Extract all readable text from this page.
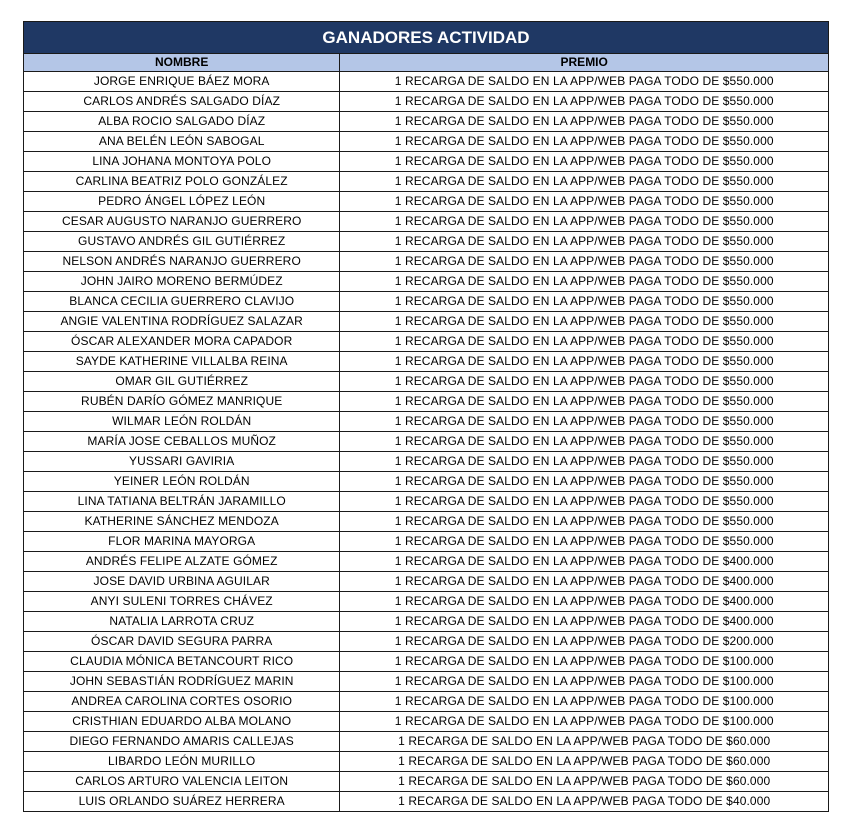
GANADORES ACTIVIDAD	
NOMBRE	PREMIO
JORGE ENRIQUE BÁEZ MORA	1 RECARGA DE SALDO EN LA APP/WEB PAGA TODO DE $550.000
CARLOS ANDRÉS SALGADO DÍAZ	1 RECARGA DE SALDO EN LA APP/WEB PAGA TODO DE $550.000
ALBA ROCIO SALGADO DÍAZ	1 RECARGA DE SALDO EN LA APP/WEB PAGA TODO DE $550.000
ANA BELÉN LEÓN SABOGAL	1 RECARGA DE SALDO EN LA APP/WEB PAGA TODO DE $550.000
LINA JOHANA MONTOYA POLO	1 RECARGA DE SALDO EN LA APP/WEB PAGA TODO DE $550.000
CARLINA BEATRIZ POLO GONZÁLEZ	1 RECARGA DE SALDO EN LA APP/WEB PAGA TODO DE $550.000
PEDRO ÁNGEL LÓPEZ LEÓN	1 RECARGA DE SALDO EN LA APP/WEB PAGA TODO DE $550.000
CESAR AUGUSTO NARANJO GUERRERO	1 RECARGA DE SALDO EN LA APP/WEB PAGA TODO DE $550.000
GUSTAVO ANDRÉS GIL GUTIÉRREZ	1 RECARGA DE SALDO EN LA APP/WEB PAGA TODO DE $550.000
NELSON ANDRÉS NARANJO GUERRERO	1 RECARGA DE SALDO EN LA APP/WEB PAGA TODO DE $550.000
JOHN JAIRO MORENO BERMÚDEZ	1 RECARGA DE SALDO EN LA APP/WEB PAGA TODO DE $550.000
BLANCA CECILIA GUERRERO CLAVIJO	1 RECARGA DE SALDO EN LA APP/WEB PAGA TODO DE $550.000
ANGIE VALENTINA RODRÍGUEZ SALAZAR	1 RECARGA DE SALDO EN LA APP/WEB PAGA TODO DE $550.000
ÓSCAR ALEXANDER MORA CAPADOR	1 RECARGA DE SALDO EN LA APP/WEB PAGA TODO DE $550.000
SAYDE KATHERINE VILLALBA REINA	1 RECARGA DE SALDO EN LA APP/WEB PAGA TODO DE $550.000
OMAR GIL GUTIÉRREZ	1 RECARGA DE SALDO EN LA APP/WEB PAGA TODO DE $550.000
RUBÉN DARÍO GÓMEZ MANRIQUE	1 RECARGA DE SALDO EN LA APP/WEB PAGA TODO DE $550.000
WILMAR LEÓN ROLDÁN	1 RECARGA DE SALDO EN LA APP/WEB PAGA TODO DE $550.000
MARÍA JOSE CEBALLOS MUÑOZ	1 RECARGA DE SALDO EN LA APP/WEB PAGA TODO DE $550.000
YUSSARI GAVIRIA	1 RECARGA DE SALDO EN LA APP/WEB PAGA TODO DE $550.000
YEINER LEÓN ROLDÁN	1 RECARGA DE SALDO EN LA APP/WEB PAGA TODO DE $550.000
LINA TATIANA BELTRÁN JARAMILLO	1 RECARGA DE SALDO EN LA APP/WEB PAGA TODO DE $550.000
KATHERINE SÁNCHEZ MENDOZA	1 RECARGA DE SALDO EN LA APP/WEB PAGA TODO DE $550.000
FLOR MARINA MAYORGA	1 RECARGA DE SALDO EN LA APP/WEB PAGA TODO DE $550.000
ANDRÉS FELIPE ALZATE GÓMEZ	1 RECARGA DE SALDO EN LA APP/WEB PAGA TODO DE $400.000
JOSE DAVID URBINA AGUILAR	1 RECARGA DE SALDO EN LA APP/WEB PAGA TODO DE $400.000
ANYI SULENI TORRES CHÁVEZ	1 RECARGA DE SALDO EN LA APP/WEB PAGA TODO DE $400.000
NATALIA LARROTA CRUZ	1 RECARGA DE SALDO EN LA APP/WEB PAGA TODO DE $400.000
ÓSCAR DAVID SEGURA PARRA	1 RECARGA DE SALDO EN LA APP/WEB PAGA TODO DE $200.000
CLAUDIA MÓNICA BETANCOURT RICO	1 RECARGA DE SALDO EN LA APP/WEB PAGA TODO DE $100.000
JOHN SEBASTIÁN RODRÍGUEZ MARIN	1 RECARGA DE SALDO EN LA APP/WEB PAGA TODO DE $100.000
ANDREA CAROLINA CORTES OSORIO	1 RECARGA DE SALDO EN LA APP/WEB PAGA TODO DE $100.000
CRISTHIAN EDUARDO ALBA MOLANO	1 RECARGA DE SALDO EN LA APP/WEB PAGA TODO DE $100.000
DIEGO FERNANDO AMARIS CALLEJAS	1 RECARGA DE SALDO EN LA APP/WEB PAGA TODO DE $60.000
LIBARDO LEÓN MURILLO	1 RECARGA DE SALDO EN LA APP/WEB PAGA TODO DE $60.000
CARLOS ARTURO VALENCIA LEITON	1 RECARGA DE SALDO EN LA APP/WEB PAGA TODO DE $60.000
LUIS ORLANDO SUÁREZ HERRERA	1 RECARGA DE SALDO EN LA APP/WEB PAGA TODO DE $40.000
